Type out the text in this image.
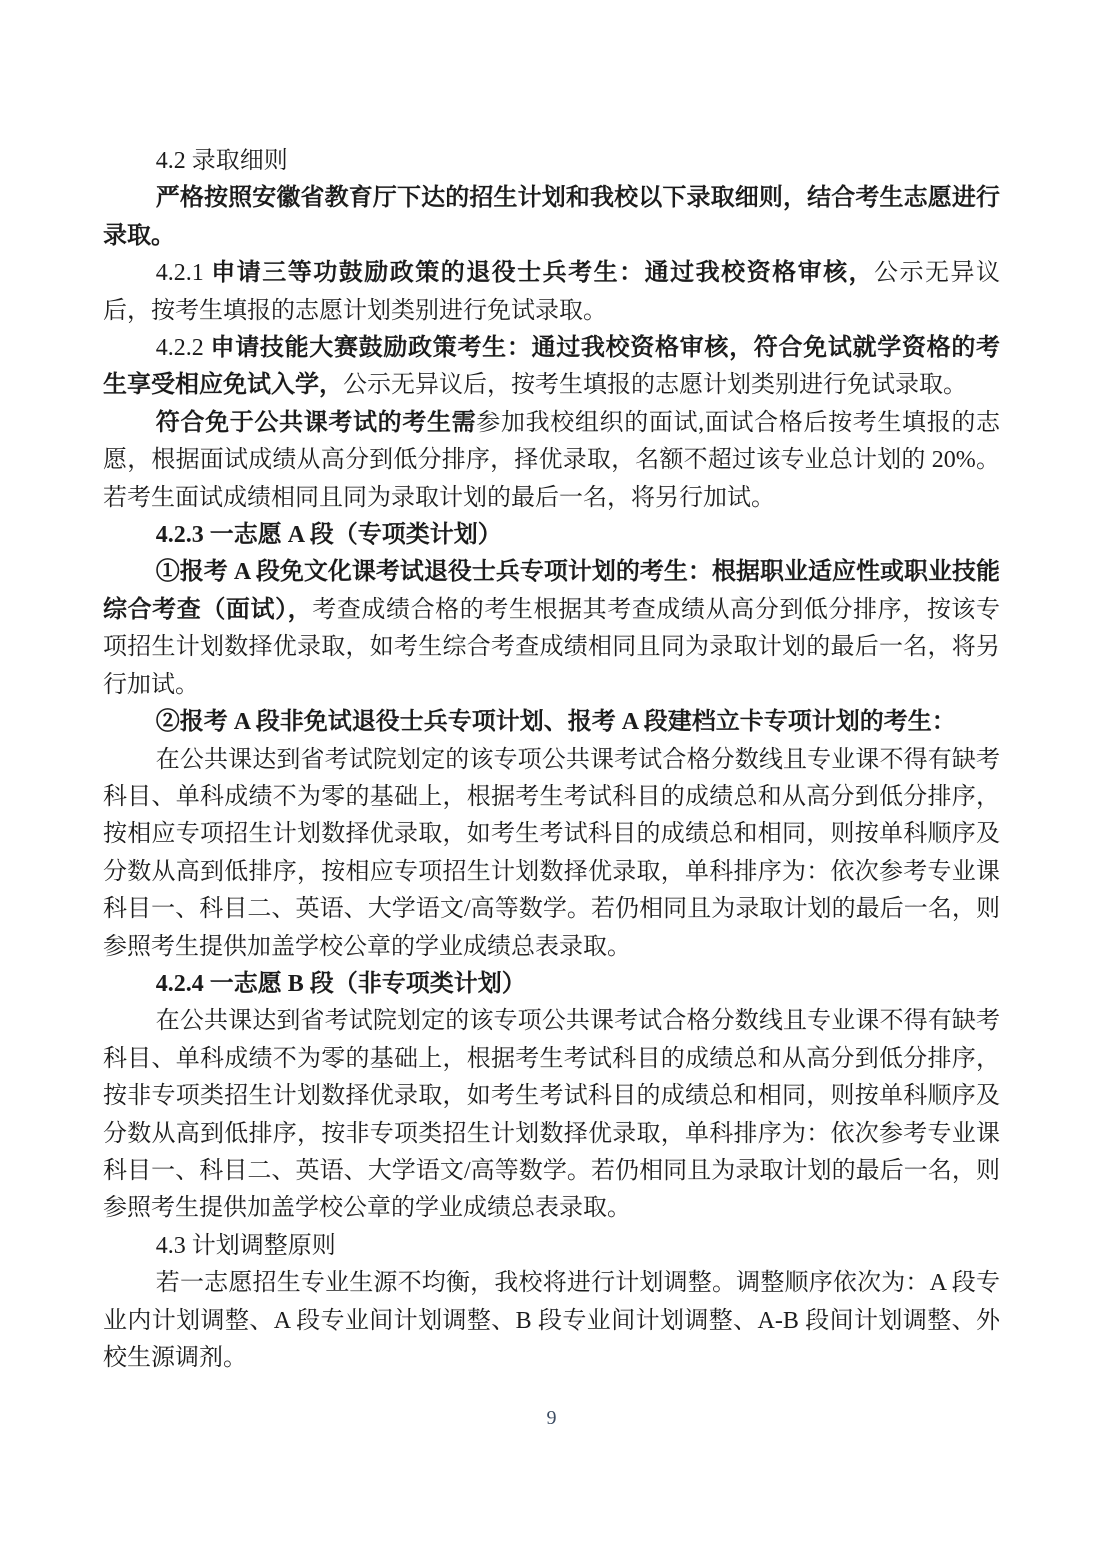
4.2 录取细则

严格按照安徽省教育厅下达的招生计划和我校以下录取细则，结合考生志愿进行录取。

4.2.1 申请三等功鼓励政策的退役士兵考生：通过我校资格审核，公示无异议后，按考生填报的志愿计划类别进行免试录取。

4.2.2 申请技能大赛鼓励政策考生：通过我校资格审核，符合免试就学资格的考生享受相应免试入学，公示无异议后，按考生填报的志愿计划类别进行免试录取。

符合免于公共课考试的考生需参加我校组织的面试,面试合格后按考生填报的志愿，根据面试成绩从高分到低分排序，择优录取，名额不超过该专业总计划的 20%。若考生面试成绩相同且同为录取计划的最后一名，将另行加试。

4.2.3 一志愿 A 段（专项类计划）

①报考 A 段免文化课考试退役士兵专项计划的考生：根据职业适应性或职业技能综合考查（面试），考查成绩合格的考生根据其考查成绩从高分到低分排序，按该专项招生计划数择优录取，如考生综合考查成绩相同且同为录取计划的最后一名，将另行加试。

②报考 A 段非免试退役士兵专项计划、报考 A 段建档立卡专项计划的考生：

在公共课达到省考试院划定的该专项公共课考试合格分数线且专业课不得有缺考科目、单科成绩不为零的基础上，根据考生考试科目的成绩总和从高分到低分排序，按相应专项招生计划数择优录取，如考生考试科目的成绩总和相同，则按单科顺序及分数从高到低排序，按相应专项招生计划数择优录取，单科排序为：依次参考专业课科目一、科目二、英语、大学语文/高等数学。若仍相同且为录取计划的最后一名，则参照考生提供加盖学校公章的学业成绩总表录取。

4.2.4 一志愿 B 段（非专项类计划）

在公共课达到省考试院划定的该专项公共课考试合格分数线且专业课不得有缺考科目、单科成绩不为零的基础上，根据考生考试科目的成绩总和从高分到低分排序，按非专项类招生计划数择优录取，如考生考试科目的成绩总和相同，则按单科顺序及分数从高到低排序，按非专项类招生计划数择优录取，单科排序为：依次参考专业课科目一、科目二、英语、大学语文/高等数学。若仍相同且为录取计划的最后一名，则参照考生提供加盖学校公章的学业成绩总表录取。

4.3 计划调整原则

若一志愿招生专业生源不均衡，我校将进行计划调整。调整顺序依次为：A 段专业内计划调整、A 段专业间计划调整、B 段专业间计划调整、A-B 段间计划调整、外校生源调剂。

9
